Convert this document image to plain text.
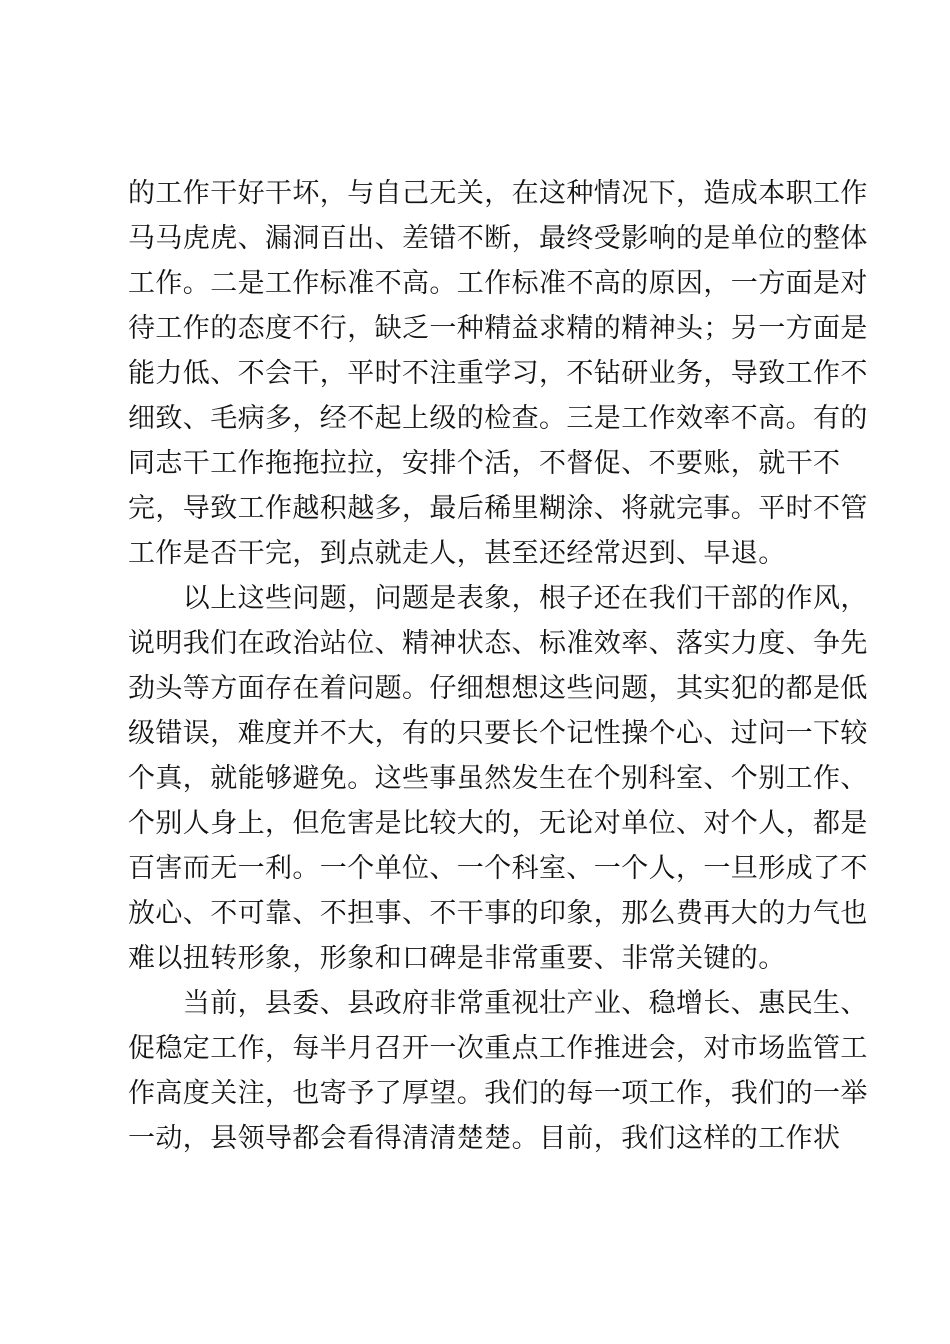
的工作干好干坏，与自己无关，在这种情况下，造成本职工作
马马虎虎、漏洞百出、差错不断，最终受影响的是单位的整体
工作。二是工作标准不高。工作标准不高的原因，一方面是对
待工作的态度不行，缺乏一种精益求精的精神头；另一方面是
能力低、不会干，平时不注重学习，不钻研业务，导致工作不
细致、毛病多，经不起上级的检查。三是工作效率不高。有的
同志干工作拖拖拉拉，安排个活，不督促、不要账，就干不
完，导致工作越积越多，最后稀里糊涂、将就完事。平时不管
工作是否干完，到点就走人，甚至还经常迟到、早退。
　　以上这些问题，问题是表象，根子还在我们干部的作风，
说明我们在政治站位、精神状态、标准效率、落实力度、争先
劲头等方面存在着问题。仔细想想这些问题，其实犯的都是低
级错误，难度并不大，有的只要长个记性操个心、过问一下较
个真，就能够避免。这些事虽然发生在个别科室、个别工作、
个别人身上，但危害是比较大的，无论对单位、对个人，都是
百害而无一利。一个单位、一个科室、一个人，一旦形成了不
放心、不可靠、不担事、不干事的印象，那么费再大的力气也
难以扭转形象，形象和口碑是非常重要、非常关键的。
　　当前，县委、县政府非常重视壮产业、稳增长、惠民生、
促稳定工作，每半月召开一次重点工作推进会，对市场监管工
作高度关注，也寄予了厚望。我们的每一项工作，我们的一举
一动，县领导都会看得清清楚楚。目前，我们这样的工作状
